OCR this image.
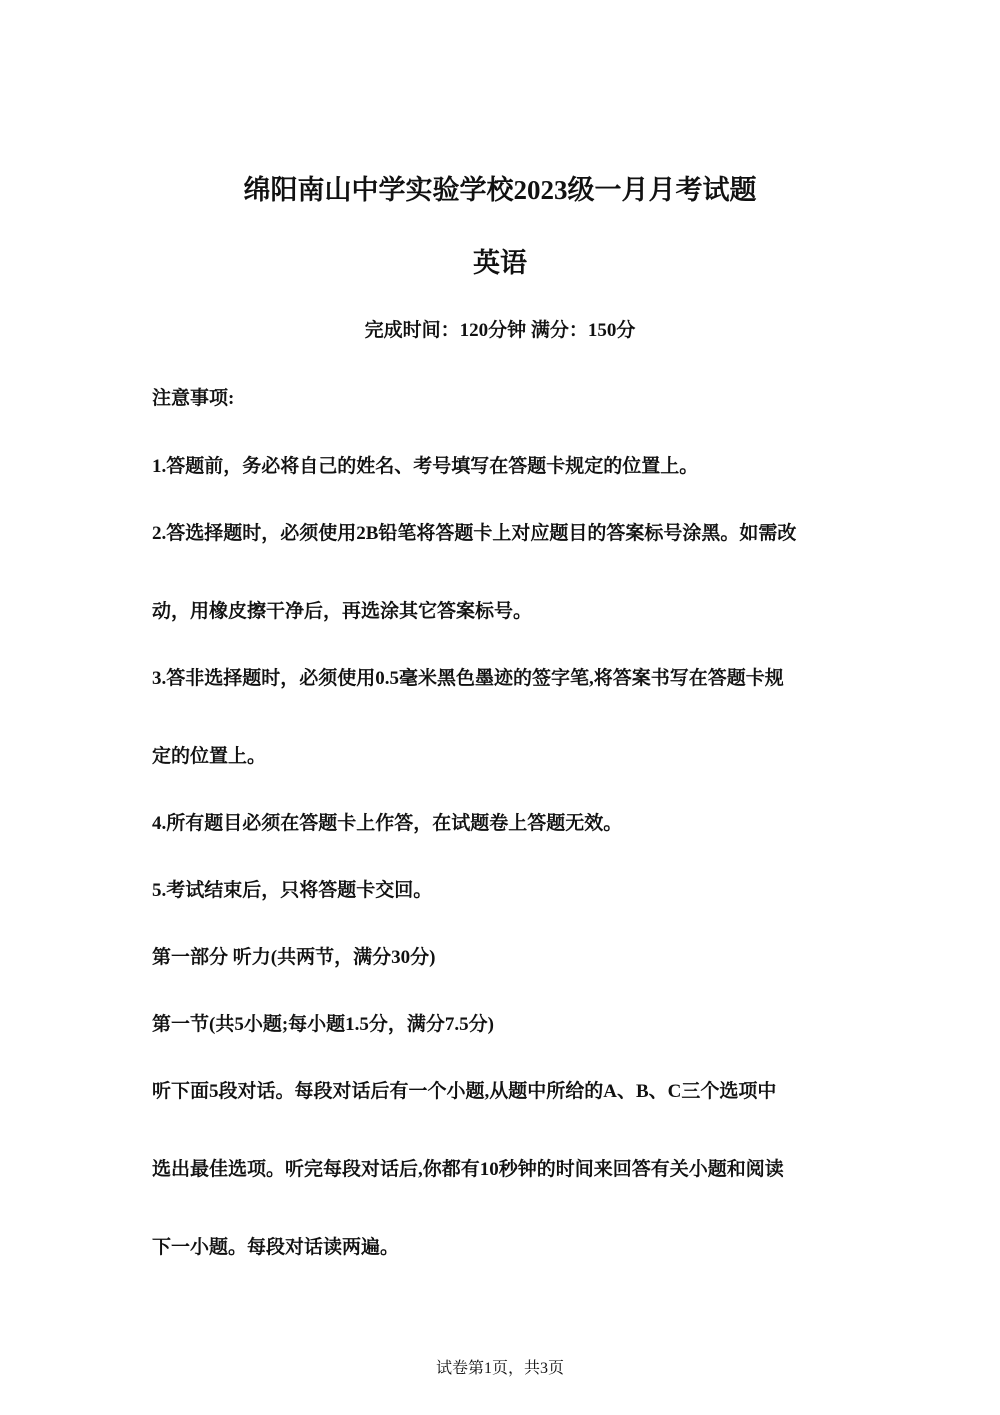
绵阳南山中学实验学校2023级一月月考试题
英语

完成时间：120分钟 满分：150分

注意事项:

1.答题前，务必将自己的姓名、考号填写在答题卡规定的位置上。

2.答选择题时，必须使用2B铅笔将答题卡上对应题目的答案标号涂黑。如需改

动，用橡皮擦干净后，再选涂其它答案标号。

3.答非选择题时，必须使用0.5毫米黑色墨迹的签字笔,将答案书写在答题卡规

定的位置上。

4.所有题目必须在答题卡上作答，在试题卷上答题无效。

5.考试结束后，只将答题卡交回。

第一部分 听力(共两节，满分30分)

第一节(共5小题;每小题1.5分，满分7.5分)

听下面5段对话。每段对话后有一个小题,从题中所给的A、B、C三个选项中

选出最佳选项。听完每段对话后,你都有10秒钟的时间来回答有关小题和阅读

下一小题。每段对话读两遍。

试卷第1页，共3页
